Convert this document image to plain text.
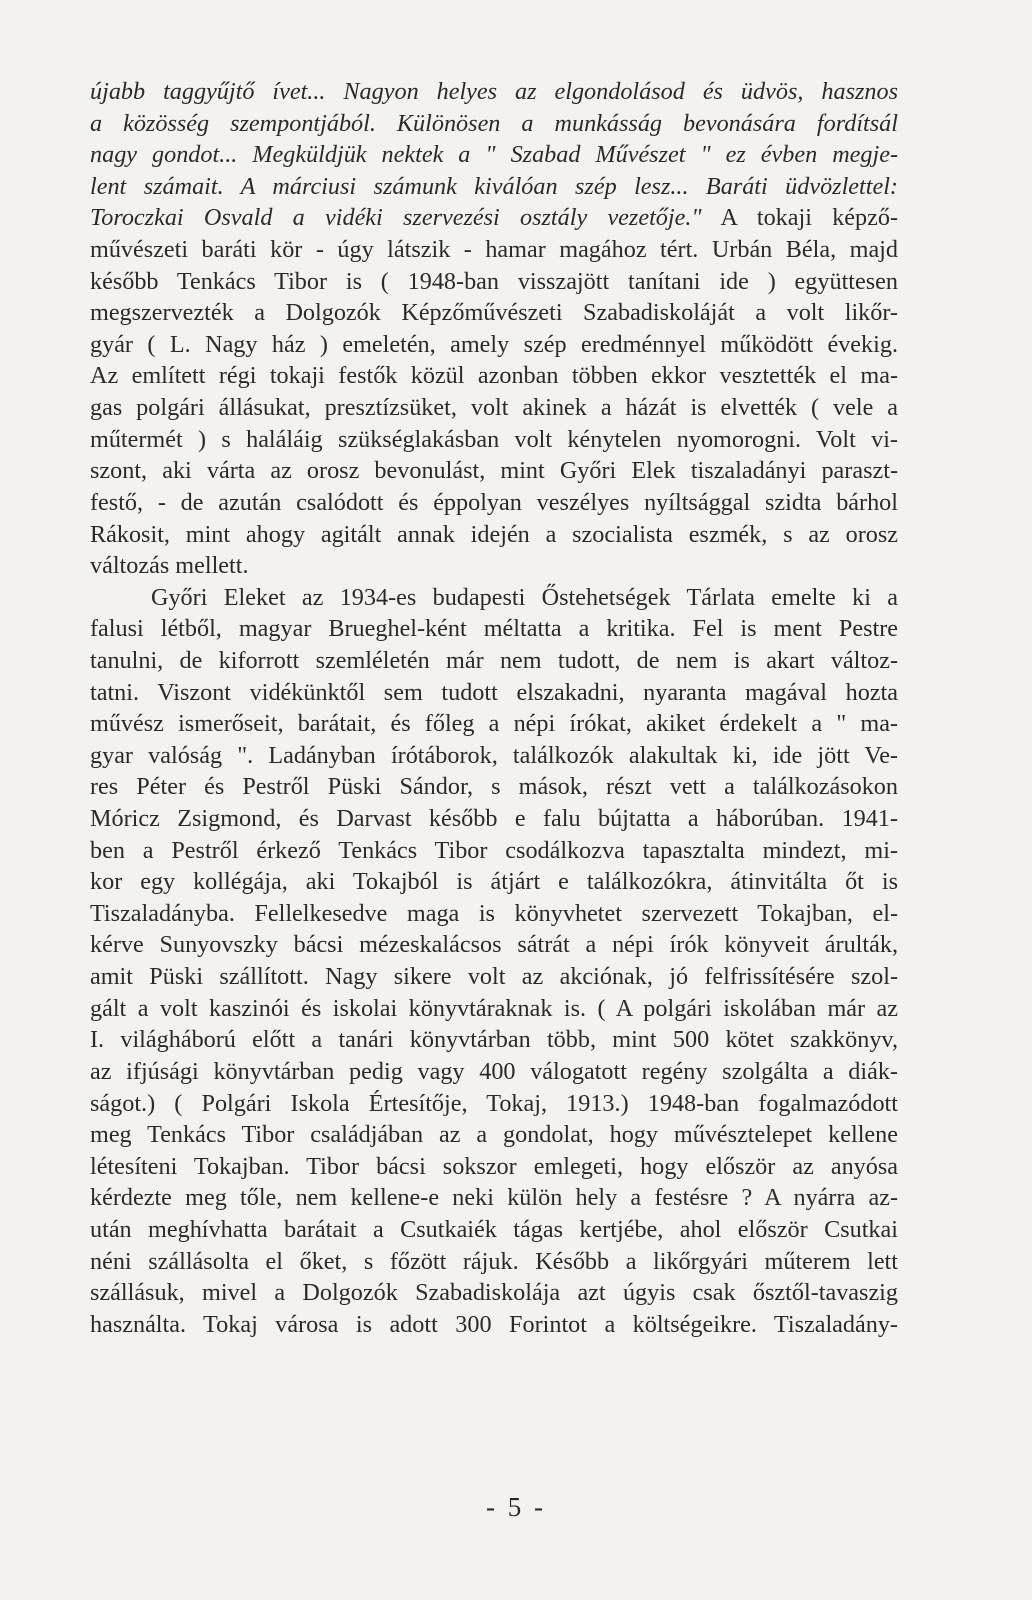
újabb taggyűjtő ívet... Nagyon helyes az elgondolásod és üdvös, hasznos
a közösség szempontjából. Különösen a munkásság bevonására fordítsál
nagy gondot... Megküldjük nektek a " Szabad Művészet " ez évben megje-
lent számait. A márciusi számunk kiválóan szép lesz... Baráti üdvözlettel:
Toroczkai Osvald a vidéki szervezési osztály vezetője." A tokaji képző-
művészeti baráti kör - úgy látszik - hamar magához tért. Urbán Béla, majd
később Tenkács Tibor is ( 1948-ban visszajött tanítani ide ) együttesen
megszervezték a Dolgozók Képzőművészeti Szabadiskoláját a volt likőr-
gyár ( L. Nagy ház ) emeletén, amely szép eredménnyel működött évekig.
Az említett régi tokaji festők közül azonban többen ekkor vesztették el ma-
gas polgári állásukat, presztízsüket, volt akinek a házát is elvették ( vele a
műtermét ) s haláláig szükséglakásban volt kénytelen nyomorogni. Volt vi-
szont, aki várta az orosz bevonulást, mint Győri Elek tiszaladányi paraszt-
festő, - de azután csalódott és éppolyan veszélyes nyíltsággal szidta bárhol
Rákosit, mint ahogy agitált annak idején a szocialista eszmék, s az orosz
változás mellett.
Győri Eleket az 1934-es budapesti Őstehetségek Tárlata emelte ki a
falusi létből, magyar Brueghel-ként méltatta a kritika. Fel is ment Pestre
tanulni, de kiforrott szemléletén már nem tudott, de nem is akart változ-
tatni. Viszont vidékünktől sem tudott elszakadni, nyaranta magával hozta
művész ismerőseit, barátait, és főleg a népi írókat, akiket érdekelt a " ma-
gyar valóság ". Ladányban írótáborok, találkozók alakultak ki, ide jött Ve-
res Péter és Pestről Püski Sándor, s mások, részt vett a találkozásokon
Móricz Zsigmond, és Darvast később e falu bújtatta a háborúban. 1941-
ben a Pestről érkező Tenkács Tibor csodálkozva tapasztalta mindezt, mi-
kor egy kollégája, aki Tokajból is átjárt e találkozókra, átinvitálta őt is
Tiszaladányba. Fellelkesedve maga is könyvhetet szervezett Tokajban, el-
kérve Sunyovszky bácsi mézeskalácsos sátrát a népi írók könyveit árulták,
amit Püski szállított. Nagy sikere volt az akciónak, jó felfrissítésére szol-
gált a volt kaszinói és iskolai könyvtáraknak is. ( A polgári iskolában már az
I. világháború előtt a tanári könyvtárban több, mint 500 kötet szakkönyv,
az ifjúsági könyvtárban pedig vagy 400 válogatott regény szolgálta a diák-
ságot.) ( Polgári Iskola Értesítője, Tokaj, 1913.) 1948-ban fogalmazódott
meg Tenkács Tibor családjában az a gondolat, hogy művésztelepet kellene
létesíteni Tokajban. Tibor bácsi sokszor emlegeti, hogy először az anyósa
kérdezte meg tőle, nem kellene-e neki külön hely a festésre ? A nyárra az-
után meghívhatta barátait a Csutkaiék tágas kertjébe, ahol először Csutkai
néni szállásolta el őket, s főzött rájuk. Később a likőrgyári műterem lett
szállásuk, mivel a Dolgozók Szabadiskolája azt úgyis csak ősztől-tavaszig
használta. Tokaj városa is adott 300 Forintot a költségeikre. Tiszaladány-
- 5 -
